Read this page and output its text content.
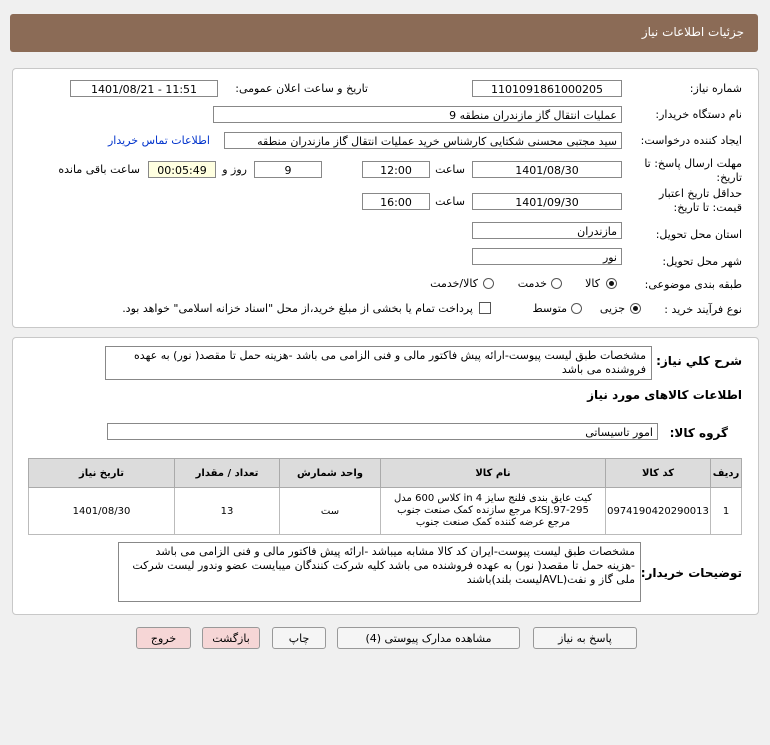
جزئیات اطلاعات نیاز
شماره نیاز:
1101091861000205
تاریخ و ساعت اعلان عمومی:
1401/08/21 - 11:51
نام دستگاه خریدار:
عملیات انتقال گاز مازندران منطقه 9
ایجاد کننده درخواست:
سید مجتبی محسنی شکتایی کارشناس خرید عملیات انتقال گاز مازندران منطقه
اطلاعات تماس خریدار
مهلت ارسال پاسخ: تا
تاریخ:
1401/08/30
ساعت
12:00
9
روز و
00:05:49
ساعت باقی مانده
حداقل تاریخ اعتبار
قیمت: تا تاریخ:
1401/09/30
ساعت
16:00
استان محل تحویل:
مازندران
شهر محل تحویل:
نور
طبقه بندی موضوعی:
کالا
خدمت
کالا/خدمت
نوع فرآیند خرید :
جزیی
متوسط
پرداخت تمام یا بخشی از مبلغ خرید،از محل "اسناد خزانه اسلامی" خواهد بود.
شرح کلي نياز:
مشخصات طبق لیست پیوست-ارائه پیش فاکتور مالی و فنی الزامی می باشد -هزینه حمل تا مقصد( نور) به عهده فروشنده می باشد
اطلاعات کالاهای مورد نیاز
گروه کالا:
امور تاسیساتی
ردیف	کد کالا	نام کالا	واحد شمارش	تعداد / مقدار	تاریخ نیاز
1	0974190420290013	کیت عایق بندی فلنج سایز 4 in کلاس 600 مدل KSJ.97-295 مرجع سازنده کمک صنعت جنوب مرجع عرضه کننده کمک صنعت جنوب	ست	13	1401/08/30
توضیحات خریدار:
مشخصات طبق لیست پیوست-ایران کد کالا مشابه میباشد -ارائه پیش فاکتور مالی و فنی الزامی می باشد -هزینه حمل تا مقصد( نور) به عهده فروشنده می باشد کلیه شرکت کنندگان میبایست عضو وندور لیست شرکت ملی گاز و نفت(AVLلیست بلند)باشند
پاسخ به نیاز
مشاهده مدارک پیوستی (4)
چاپ
بازگشت
خروج
